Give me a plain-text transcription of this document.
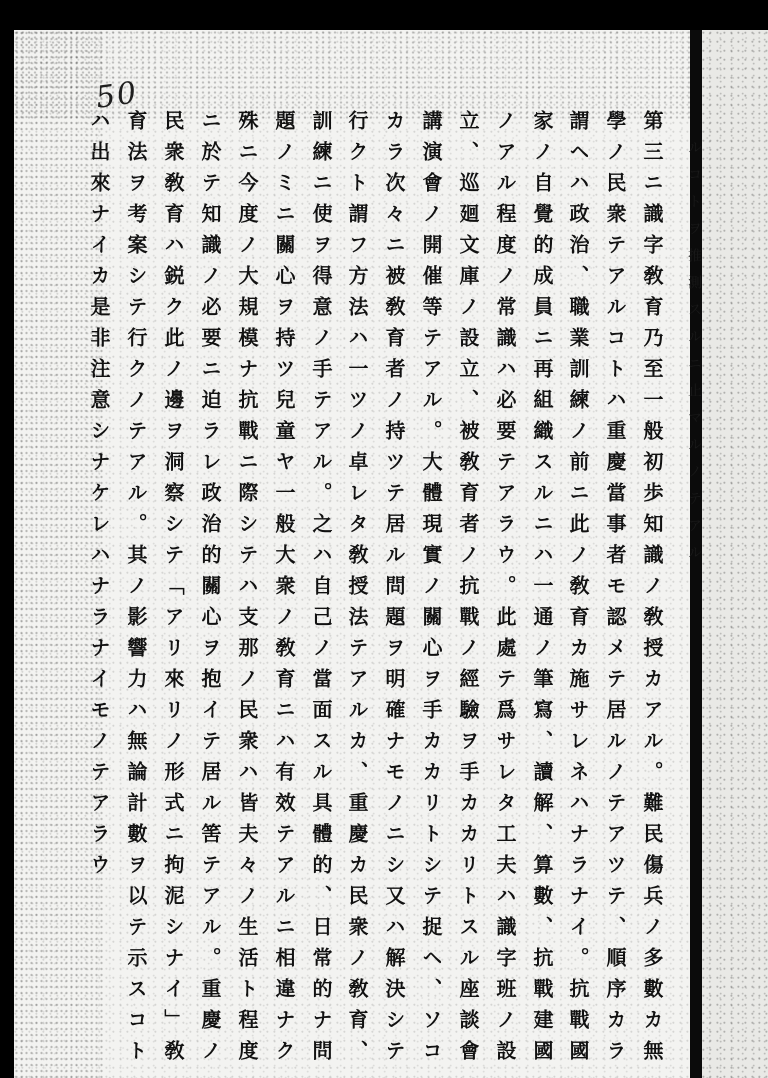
50
ルコトヲ推測スルニ止マルノテアル
第三ニ識字敎育乃至一般初歩知識ノ敎授カアル。難民傷兵ノ多數カ無
學ノ民衆テアルコトハ重慶當事者モ認メテ居ルノテアツテ、順序カラ
謂ヘハ政治、職業訓練ノ前ニ此ノ敎育カ施サレネハナラナイ。抗戰國
家ノ自覺的成員ニ再組織スルニハ一通ノ筆寫、讀解、算數、抗戰建國
ノアル程度ノ常識ハ必要テアラウ。此處テ爲サレタ工夫ハ識字班ノ設
立、巡廻文庫ノ設立、被敎育者ノ抗戰ノ經驗ヲ手カカリトスル座談會
講演會ノ開催等テアル。大體現實ノ關心ヲ手カカリトシテ捉ヘ、ソコ
カラ次々ニ被敎育者ノ持ツテ居ル問題ヲ明確ナモノニシ又ハ解決シテ
行クト謂フ方法ハ一ツノ卓レタ敎授法テアルカ、重慶カ民衆ノ敎育、
訓練ニ使ヲ得意ノ手テアル。之ハ自己ノ當面スル具體的、日常的ナ問
題ノミニ關心ヲ持ツ兒童ヤ一般大衆ノ敎育ニハ有效テアルニ相違ナク
殊ニ今度ノ大規模ナ抗戰ニ際シテハ支那ノ民衆ハ皆夫々ノ生活ト程度
ニ於テ知識ノ必要ニ迫ラレ政治的關心ヲ抱イテ居ル筈テアル。重慶ノ
民衆敎育ハ鋭ク此ノ邊ヲ洞察シテ「アリ來リノ形式ニ拘泥シナイ」敎
育法ヲ考案シテ行クノテアル。其ノ影響力ハ無論計數ヲ以テ示スコト
ハ出來ナイカ是非注意シナケレハナラナイモノテアラウ
